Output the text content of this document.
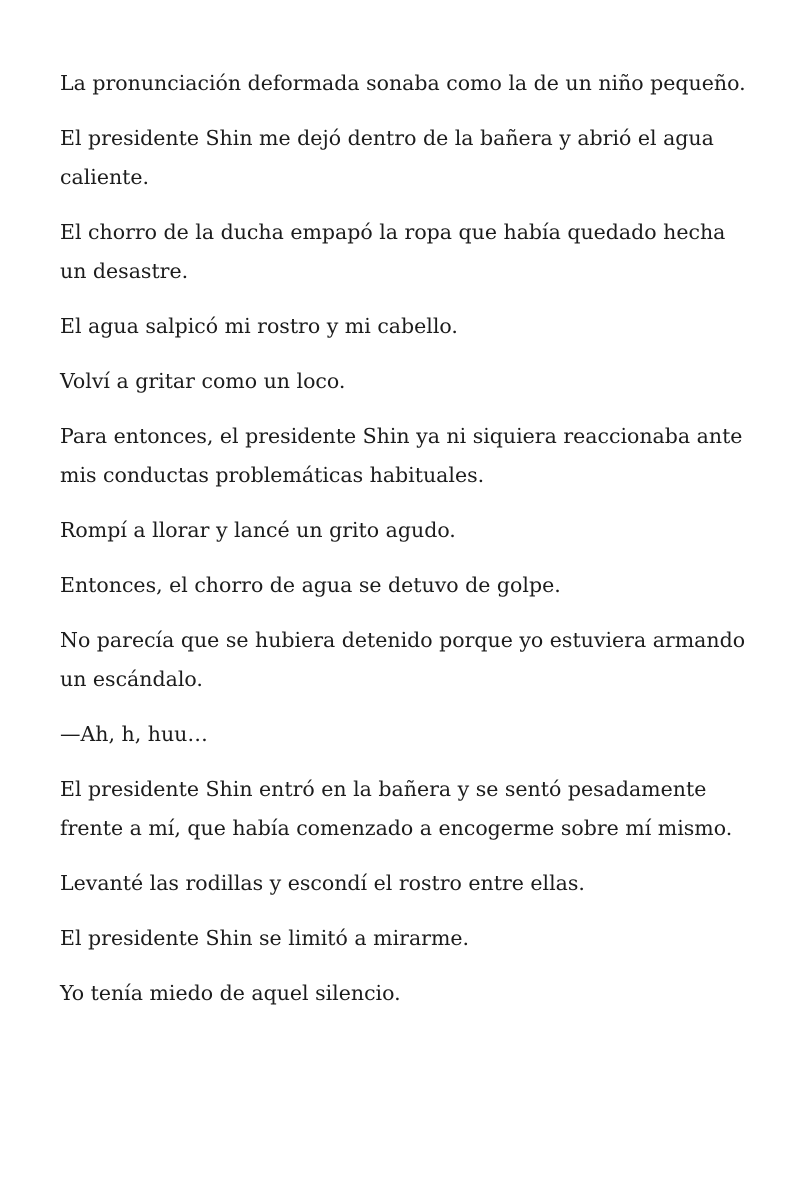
La pronunciación deformada sonaba como la de un niño pequeño.

El presidente Shin me dejó dentro de la bañera y abrió el agua caliente.

El chorro de la ducha empapó la ropa que había quedado hecha un desastre.

El agua salpicó mi rostro y mi cabello.

Volví a gritar como un loco.

Para entonces, el presidente Shin ya ni siquiera reaccionaba ante mis conductas problemáticas habituales.

Rompí a llorar y lancé un grito agudo.

Entonces, el chorro de agua se detuvo de golpe.

No parecía que se hubiera detenido porque yo estuviera armando un escándalo.

—Ah, h, huu…

El presidente Shin entró en la bañera y se sentó pesadamente frente a mí, que había comenzado a encogerme sobre mí mismo.

Levanté las rodillas y escondí el rostro entre ellas.

El presidente Shin se limitó a mirarme.

Yo tenía miedo de aquel silencio.
